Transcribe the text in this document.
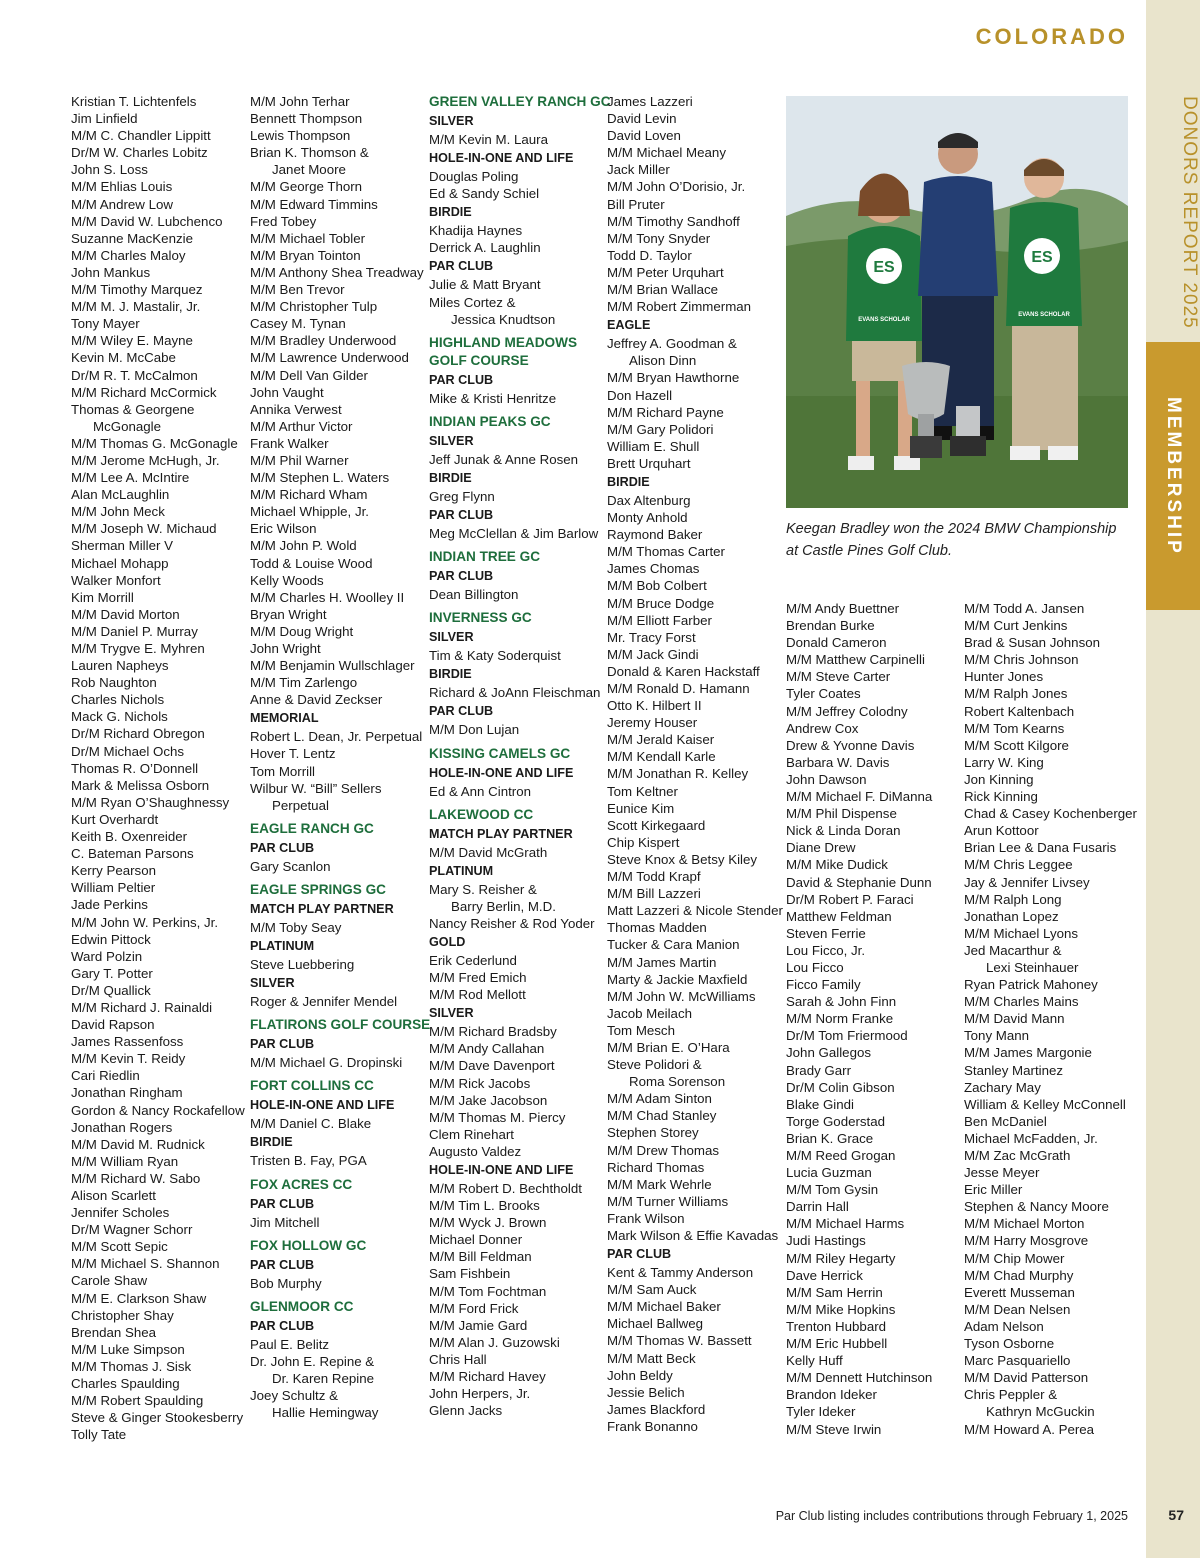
COLORADO
DONORS REPORT 2025
MEMBERSHIP
Kristian T. Lichtenfels
Jim Linfield
M/M C. Chandler Lippitt
Dr/M W. Charles Lobitz
John S. Loss
M/M Ehlias Louis
M/M Andrew Low
M/M David W. Lubchenco
Suzanne MacKenzie
M/M Charles Maloy
John Mankus
M/M Timothy Marquez
M/M M. J. Mastalir, Jr.
Tony Mayer
M/M Wiley E. Mayne
Kevin M. McCabe
Dr/M R. T. McCalmon
M/M Richard McCormick
Thomas & Georgene
McGonagle
M/M Thomas G. McGonagle
M/M Jerome McHugh, Jr.
M/M Lee A. McIntire
Alan McLaughlin
M/M John Meck
M/M Joseph W. Michaud
Sherman Miller V
Michael Mohapp
Walker Monfort
Kim Morrill
M/M David Morton
M/M Daniel P. Murray
M/M Trygve E. Myhren
Lauren Napheys
Rob Naughton
Charles Nichols
Mack G. Nichols
Dr/M Richard Obregon
Dr/M Michael Ochs
Thomas R. O’Donnell
Mark & Melissa Osborn
M/M Ryan O’Shaughnessy
Kurt Overhardt
Keith B. Oxenreider
C. Bateman Parsons
Kerry Pearson
William Peltier
Jade Perkins
M/M John W. Perkins, Jr.
Edwin Pittock
Ward Polzin
Gary T. Potter
Dr/M Quallick
M/M Richard J. Rainaldi
David Rapson
James Rassenfoss
M/M Kevin T. Reidy
Cari Riedlin
Jonathan Ringham
Gordon & Nancy Rockafellow
Jonathan Rogers
M/M David M. Rudnick
M/M William Ryan
M/M Richard W. Sabo
Alison Scarlett
Jennifer Scholes
Dr/M Wagner Schorr
M/M Scott Sepic
M/M Michael S. Shannon
Carole Shaw
M/M E. Clarkson Shaw
Christopher Shay
Brendan Shea
M/M Luke Simpson
M/M Thomas J. Sisk
Charles Spaulding
M/M Robert Spaulding
Steve & Ginger Stookesberry
Tolly Tate
M/M John Terhar
Bennett Thompson
Lewis Thompson
Brian K. Thomson &
Janet Moore
M/M George Thorn
M/M Edward Timmins
Fred Tobey
M/M Michael Tobler
M/M Bryan Tointon
M/M Anthony Shea Treadway
M/M Ben Trevor
M/M Christopher Tulp
Casey M. Tynan
M/M Bradley Underwood
M/M Lawrence Underwood
M/M Dell Van Gilder
John Vaught
Annika Verwest
M/M Arthur Victor
Frank Walker
M/M Phil Warner
M/M Stephen L. Waters
M/M Richard Wham
Michael Whipple, Jr.
Eric Wilson
M/M John P. Wold
Todd & Louise Wood
Kelly Woods
M/M Charles H. Woolley II
Bryan Wright
M/M Doug Wright
John Wright
M/M Benjamin Wullschlager
M/M Tim Zarlengo
Anne & David Zeckser
MEMORIAL
Robert L. Dean, Jr. Perpetual
Hover T. Lentz
Tom Morrill
Wilbur W. “Bill” Sellers
Perpetual
EAGLE RANCH GC
PAR CLUB
Gary Scanlon
EAGLE SPRINGS GC
MATCH PLAY PARTNER
M/M Toby Seay
PLATINUM
Steve Luebbering
SILVER
Roger & Jennifer Mendel
FLATIRONS GOLF COURSE
PAR CLUB
M/M Michael G. Dropinski
FORT COLLINS CC
HOLE-IN-ONE AND LIFE
M/M Daniel C. Blake
BIRDIE
Tristen B. Fay, PGA
FOX ACRES CC
PAR CLUB
Jim Mitchell
FOX HOLLOW GC
PAR CLUB
Bob Murphy
GLENMOOR CC
PAR CLUB
Paul E. Belitz
Dr. John E. Repine &
Dr. Karen Repine
Joey Schultz &
Hallie Hemingway
GREEN VALLEY RANCH GC
SILVER
M/M Kevin M. Laura
HOLE-IN-ONE AND LIFE
Douglas Poling
Ed & Sandy Schiel
BIRDIE
Khadija Haynes
Derrick A. Laughlin
PAR CLUB
Julie & Matt Bryant
Miles Cortez &
Jessica Knudtson
HIGHLAND MEADOWS
GOLF COURSE
PAR CLUB
Mike & Kristi Henritze
INDIAN PEAKS GC
SILVER
Jeff Junak & Anne Rosen
BIRDIE
Greg Flynn
PAR CLUB
Meg McClellan & Jim Barlow
INDIAN TREE GC
PAR CLUB
Dean Billington
INVERNESS GC
SILVER
Tim & Katy Soderquist
BIRDIE
Richard & JoAnn Fleischman
PAR CLUB
M/M Don Lujan
KISSING CAMELS GC
HOLE-IN-ONE AND LIFE
Ed & Ann Cintron
LAKEWOOD CC
MATCH PLAY PARTNER
M/M David McGrath
PLATINUM
Mary S. Reisher &
Barry Berlin, M.D.
Nancy Reisher & Rod Yoder
GOLD
Erik Cederlund
M/M Fred Emich
M/M Rod Mellott
SILVER
M/M Richard Bradsby
M/M Andy Callahan
M/M Dave Davenport
M/M Rick Jacobs
M/M Jake Jacobson
M/M Thomas M. Piercy
Clem Rinehart
Augusto Valdez
HOLE-IN-ONE AND LIFE
M/M Robert D. Bechtholdt
M/M Tim L. Brooks
M/M Wyck J. Brown
Michael Donner
M/M Bill Feldman
Sam Fishbein
M/M Tom Fochtman
M/M Ford Frick
M/M Jamie Gard
M/M Alan J. Guzowski
Chris Hall
M/M Richard Havey
John Herpers, Jr.
Glenn Jacks
James Lazzeri
David Levin
David Loven
M/M Michael Meany
Jack Miller
M/M John O’Dorisio, Jr.
Bill Pruter
M/M Timothy Sandhoff
M/M Tony Snyder
Todd D. Taylor
M/M Peter Urquhart
M/M Brian Wallace
M/M Robert Zimmerman
EAGLE
Jeffrey A. Goodman &
Alison Dinn
M/M Bryan Hawthorne
Don Hazell
M/M Richard Payne
M/M Gary Polidori
William E. Shull
Brett Urquhart
BIRDIE
Dax Altenburg
Monty Anhold
Raymond Baker
M/M Thomas Carter
James Chomas
M/M Bob Colbert
M/M Bruce Dodge
M/M Elliott Farber
Mr. Tracy Forst
M/M Jack Gindi
Donald & Karen Hackstaff
M/M Ronald D. Hamann
Otto K. Hilbert II
Jeremy Houser
M/M Jerald Kaiser
M/M Kendall Karle
M/M Jonathan R. Kelley
Tom Keltner
Eunice Kim
Scott Kirkegaard
Chip Kispert
Steve Knox & Betsy Kiley
M/M Todd Krapf
M/M Bill Lazzeri
Matt Lazzeri & Nicole Stender
Thomas Madden
Tucker & Cara Manion
M/M James Martin
Marty & Jackie Maxfield
M/M John W. McWilliams
Jacob Meilach
Tom Mesch
M/M Brian E. O’Hara
Steve Polidori &
Roma Sorenson
M/M Adam Sinton
M/M Chad Stanley
Stephen Storey
M/M Drew Thomas
Richard Thomas
M/M Mark Wehrle
M/M Turner Williams
Frank Wilson
Mark Wilson & Effie Kavadas
PAR CLUB
Kent & Tammy Anderson
M/M Sam Auck
M/M Michael Baker
Michael Ballweg
M/M Thomas W. Bassett
M/M Matt Beck
John Beldy
Jessie Belich
James Blackford
Frank Bonanno
M/M Andy Buettner
Brendan Burke
Donald Cameron
M/M Matthew Carpinelli
M/M Steve Carter
Tyler Coates
M/M Jeffrey Colodny
Andrew Cox
Drew & Yvonne Davis
Barbara W. Davis
John Dawson
M/M Michael F. DiManna
M/M Phil Dispense
Nick & Linda Doran
Diane Drew
M/M Mike Dudick
David & Stephanie Dunn
Dr/M Robert P. Faraci
Matthew Feldman
Steven Ferrie
Lou Ficco, Jr.
Lou Ficco
Ficco Family
Sarah & John Finn
M/M Norm Franke
Dr/M Tom Friermood
John Gallegos
Brady Garr
Dr/M Colin Gibson
Blake Gindi
Torge Goderstad
Brian K. Grace
M/M Reed Grogan
Lucia Guzman
M/M Tom Gysin
Darrin Hall
M/M Michael Harms
Judi Hastings
M/M Riley Hegarty
Dave Herrick
M/M Sam Herrin
M/M Mike Hopkins
Trenton Hubbard
M/M Eric Hubbell
Kelly Huff
M/M Dennett Hutchinson
Brandon Ideker
Tyler Ideker
M/M Steve Irwin
M/M Todd A. Jansen
M/M Curt Jenkins
Brad & Susan Johnson
M/M Chris Johnson
Hunter Jones
M/M Ralph Jones
Robert Kaltenbach
M/M Tom Kearns
M/M Scott Kilgore
Larry W. King
Jon Kinning
Rick Kinning
Chad & Casey Kochenberger
Arun Kottoor
Brian Lee & Dana Fusaris
M/M Chris Leggee
Jay & Jennifer Livsey
M/M Ralph Long
Jonathan Lopez
M/M Michael Lyons
Jed Macarthur &
Lexi Steinhauer
Ryan Patrick Mahoney
M/M Charles Mains
M/M David Mann
Tony Mann
M/M James Margonie
Stanley Martinez
Zachary May
William & Kelley McConnell
Ben McDaniel
Michael McFadden, Jr.
M/M Zac McGrath
Jesse Meyer
Eric Miller
Stephen & Nancy Moore
M/M Michael Morton
M/M Harry Mosgrove
M/M Chip Mower
M/M Chad Murphy
Everett Musseman
M/M Dean Nelsen
Adam Nelson
Tyson Osborne
Marc Pasquariello
M/M David Patterson
Chris Peppler &
Kathryn McGuckin
M/M Howard A. Perea
ES
EVANS SCHOLAR
ES
EVANS SCHOLAR
Keegan Bradley won the 2024 BMW Championship at Castle Pines Golf Club.
Par Club listing includes contributions through February 1, 2025	57
